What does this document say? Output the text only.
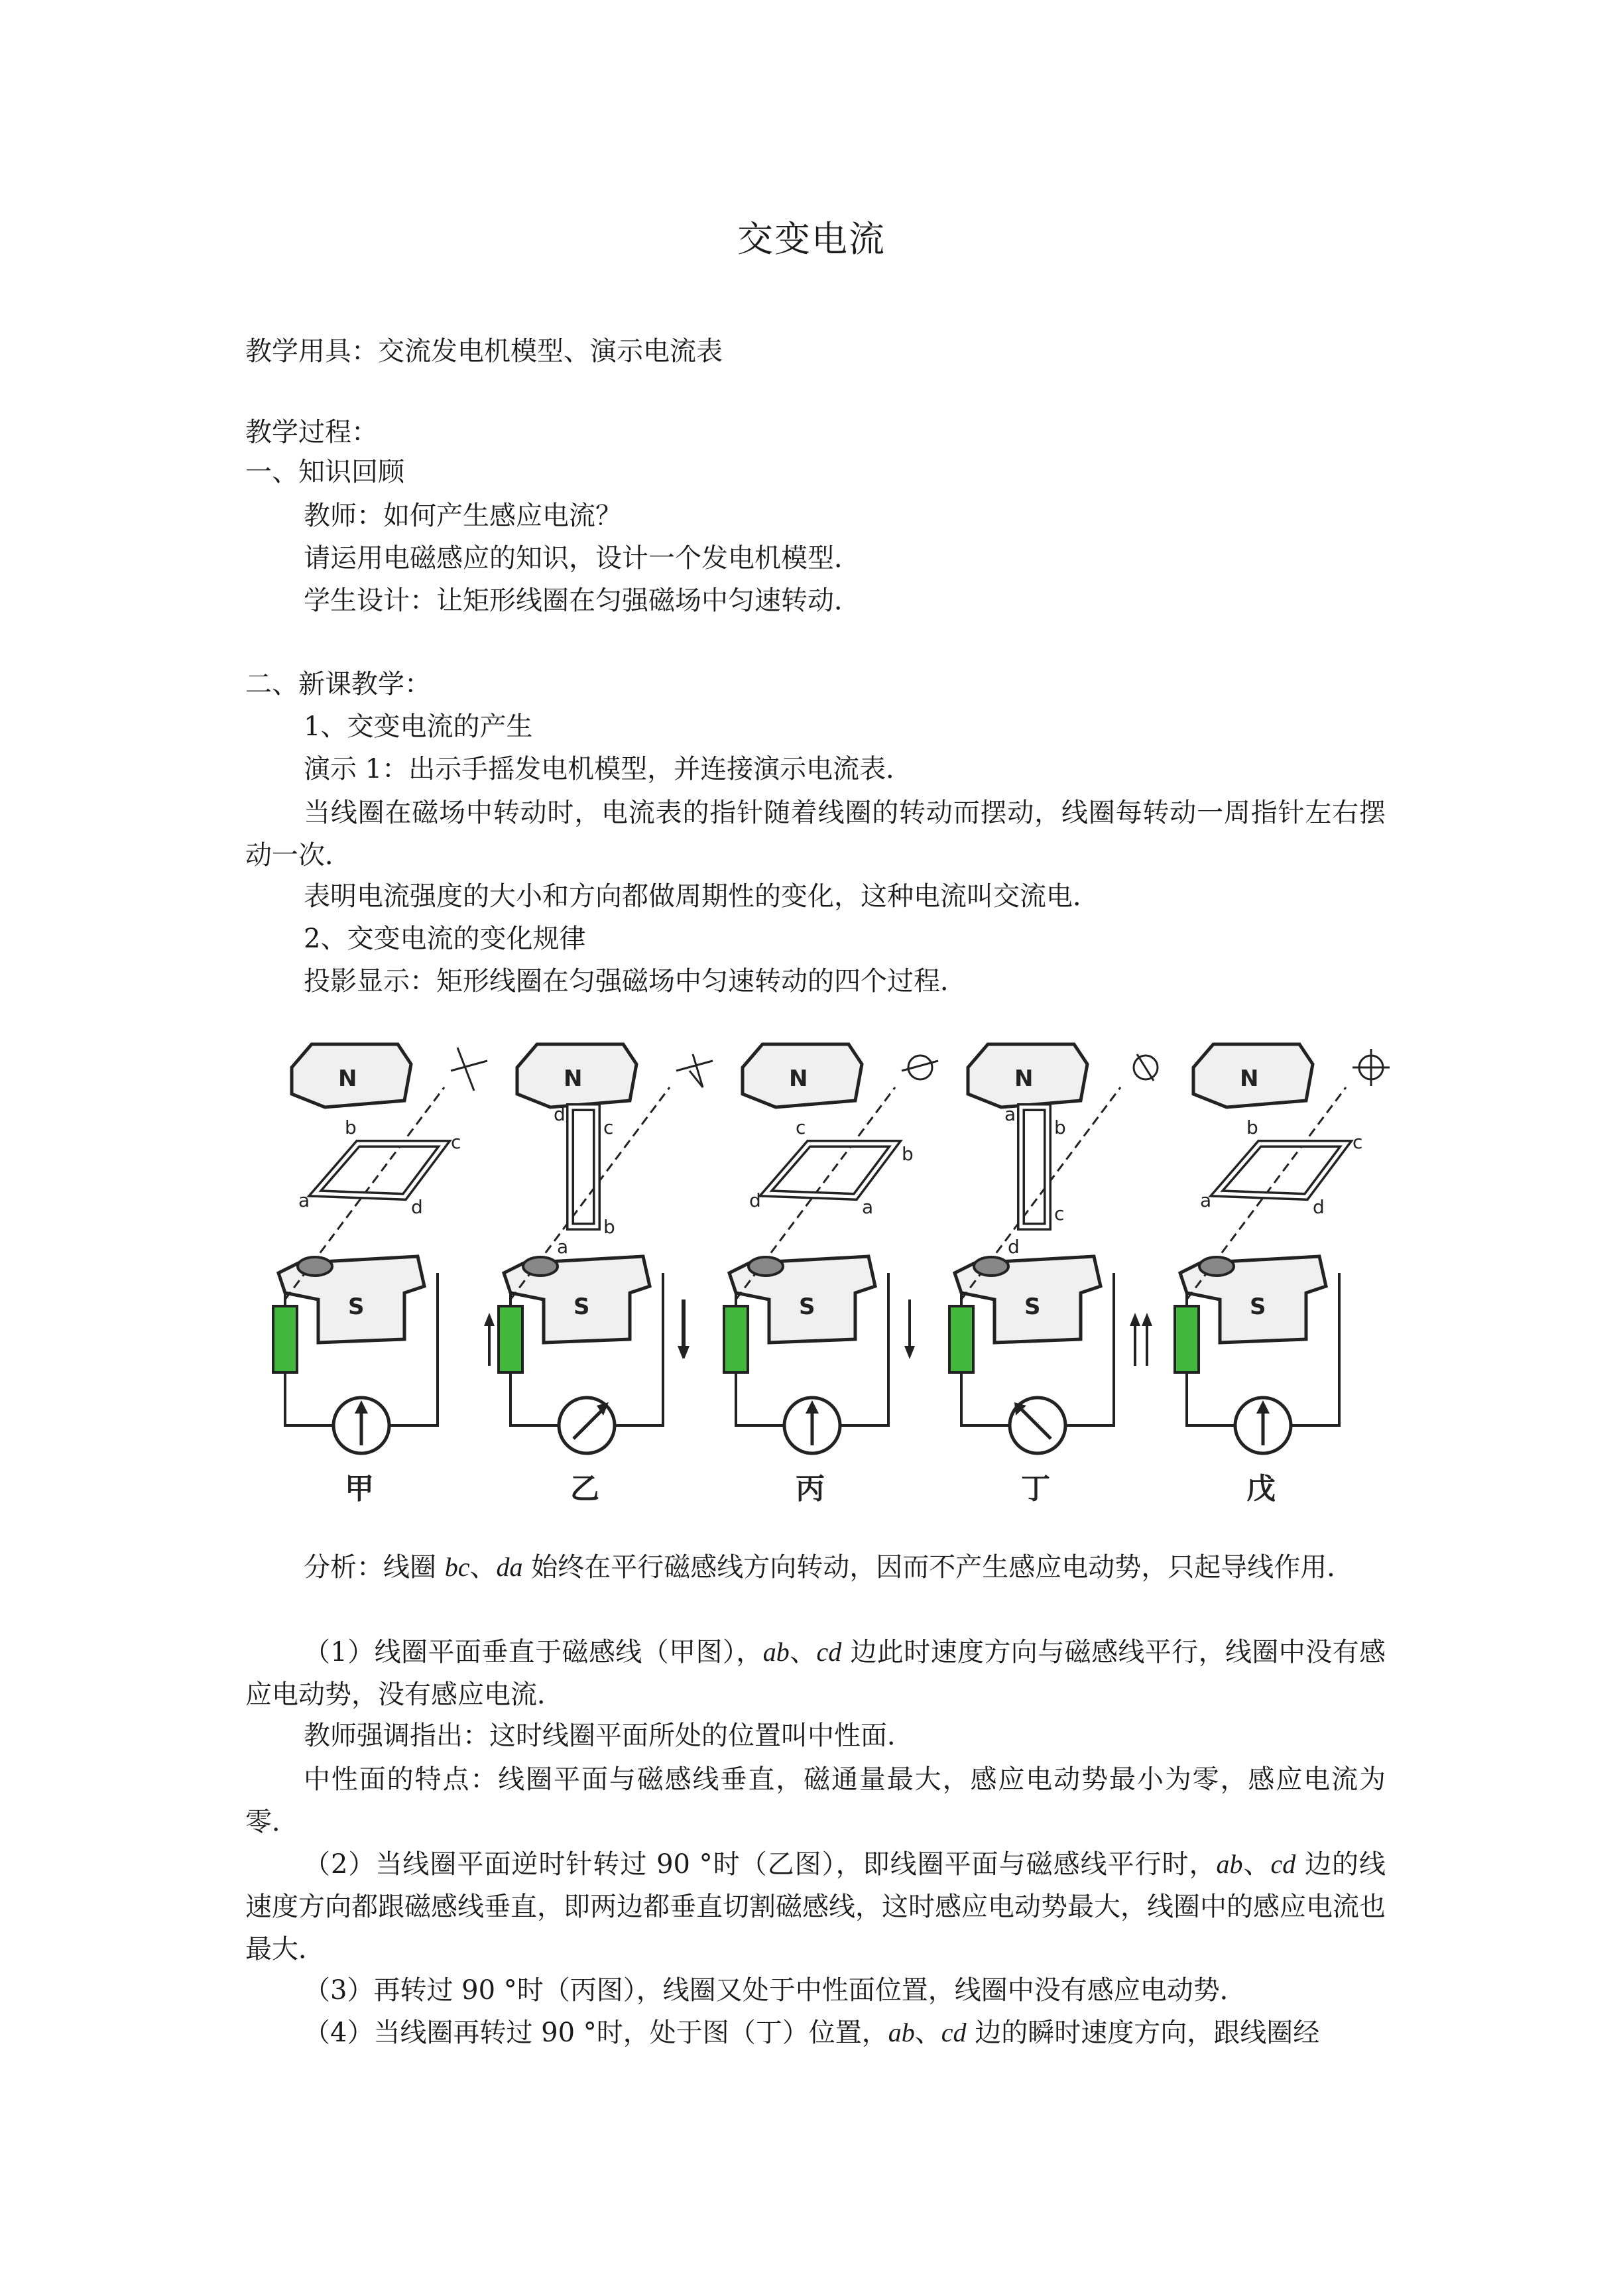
交变电流
教学用具：交流发电机模型、演示电流表
教学过程：
一、知识回顾
教师：如何产生感应电流？
请运用电磁感应的知识，设计一个发电机模型．
学生设计：让矩形线圈在匀强磁场中匀速转动．
二、新课教学：
1、交变电流的产生
演示 1：出示手摇发电机模型，并连接演示电流表．
当线圈在磁场中转动时，电流表的指针随着线圈的转动而摆动，线圈每转动一周指针左右摆动一次．
表明电流强度的大小和方向都做周期性的变化，这种电流叫交流电．
2、交变电流的变化规律
投影显示：矩形线圈在匀强磁场中匀速转动的四个过程．
N
S
b
c
a	d
甲
N
S
d
c
b
a
乙
N
S
c
b
d	a
丙
N
S
a
b
c
d
丁
N
S
b
c
a	d
戊
分析：线圈 bc、da 始终在平行磁感线方向转动，因而不产生感应电动势，只起导线作用．
（1）线圈平面垂直于磁感线（甲图），ab、cd 边此时速度方向与磁感线平行，线圈中没有感应电动势，没有感应电流．
教师强调指出：这时线圈平面所处的位置叫中性面．
中性面的特点：线圈平面与磁感线垂直，磁通量最大，感应电动势最小为零，感应电流为零．
（2）当线圈平面逆时针转过 90 °时（乙图），即线圈平面与磁感线平行时，ab、cd 边的线速度方向都跟磁感线垂直，即两边都垂直切割磁感线，这时感应电动势最大，线圈中的感应电流也最大．
（3）再转过 90 °时（丙图），线圈又处于中性面位置，线圈中没有感应电动势．
（4）当线圈再转过 90 °时，处于图（丁）位置，ab、cd 边的瞬时速度方向，跟线圈经
